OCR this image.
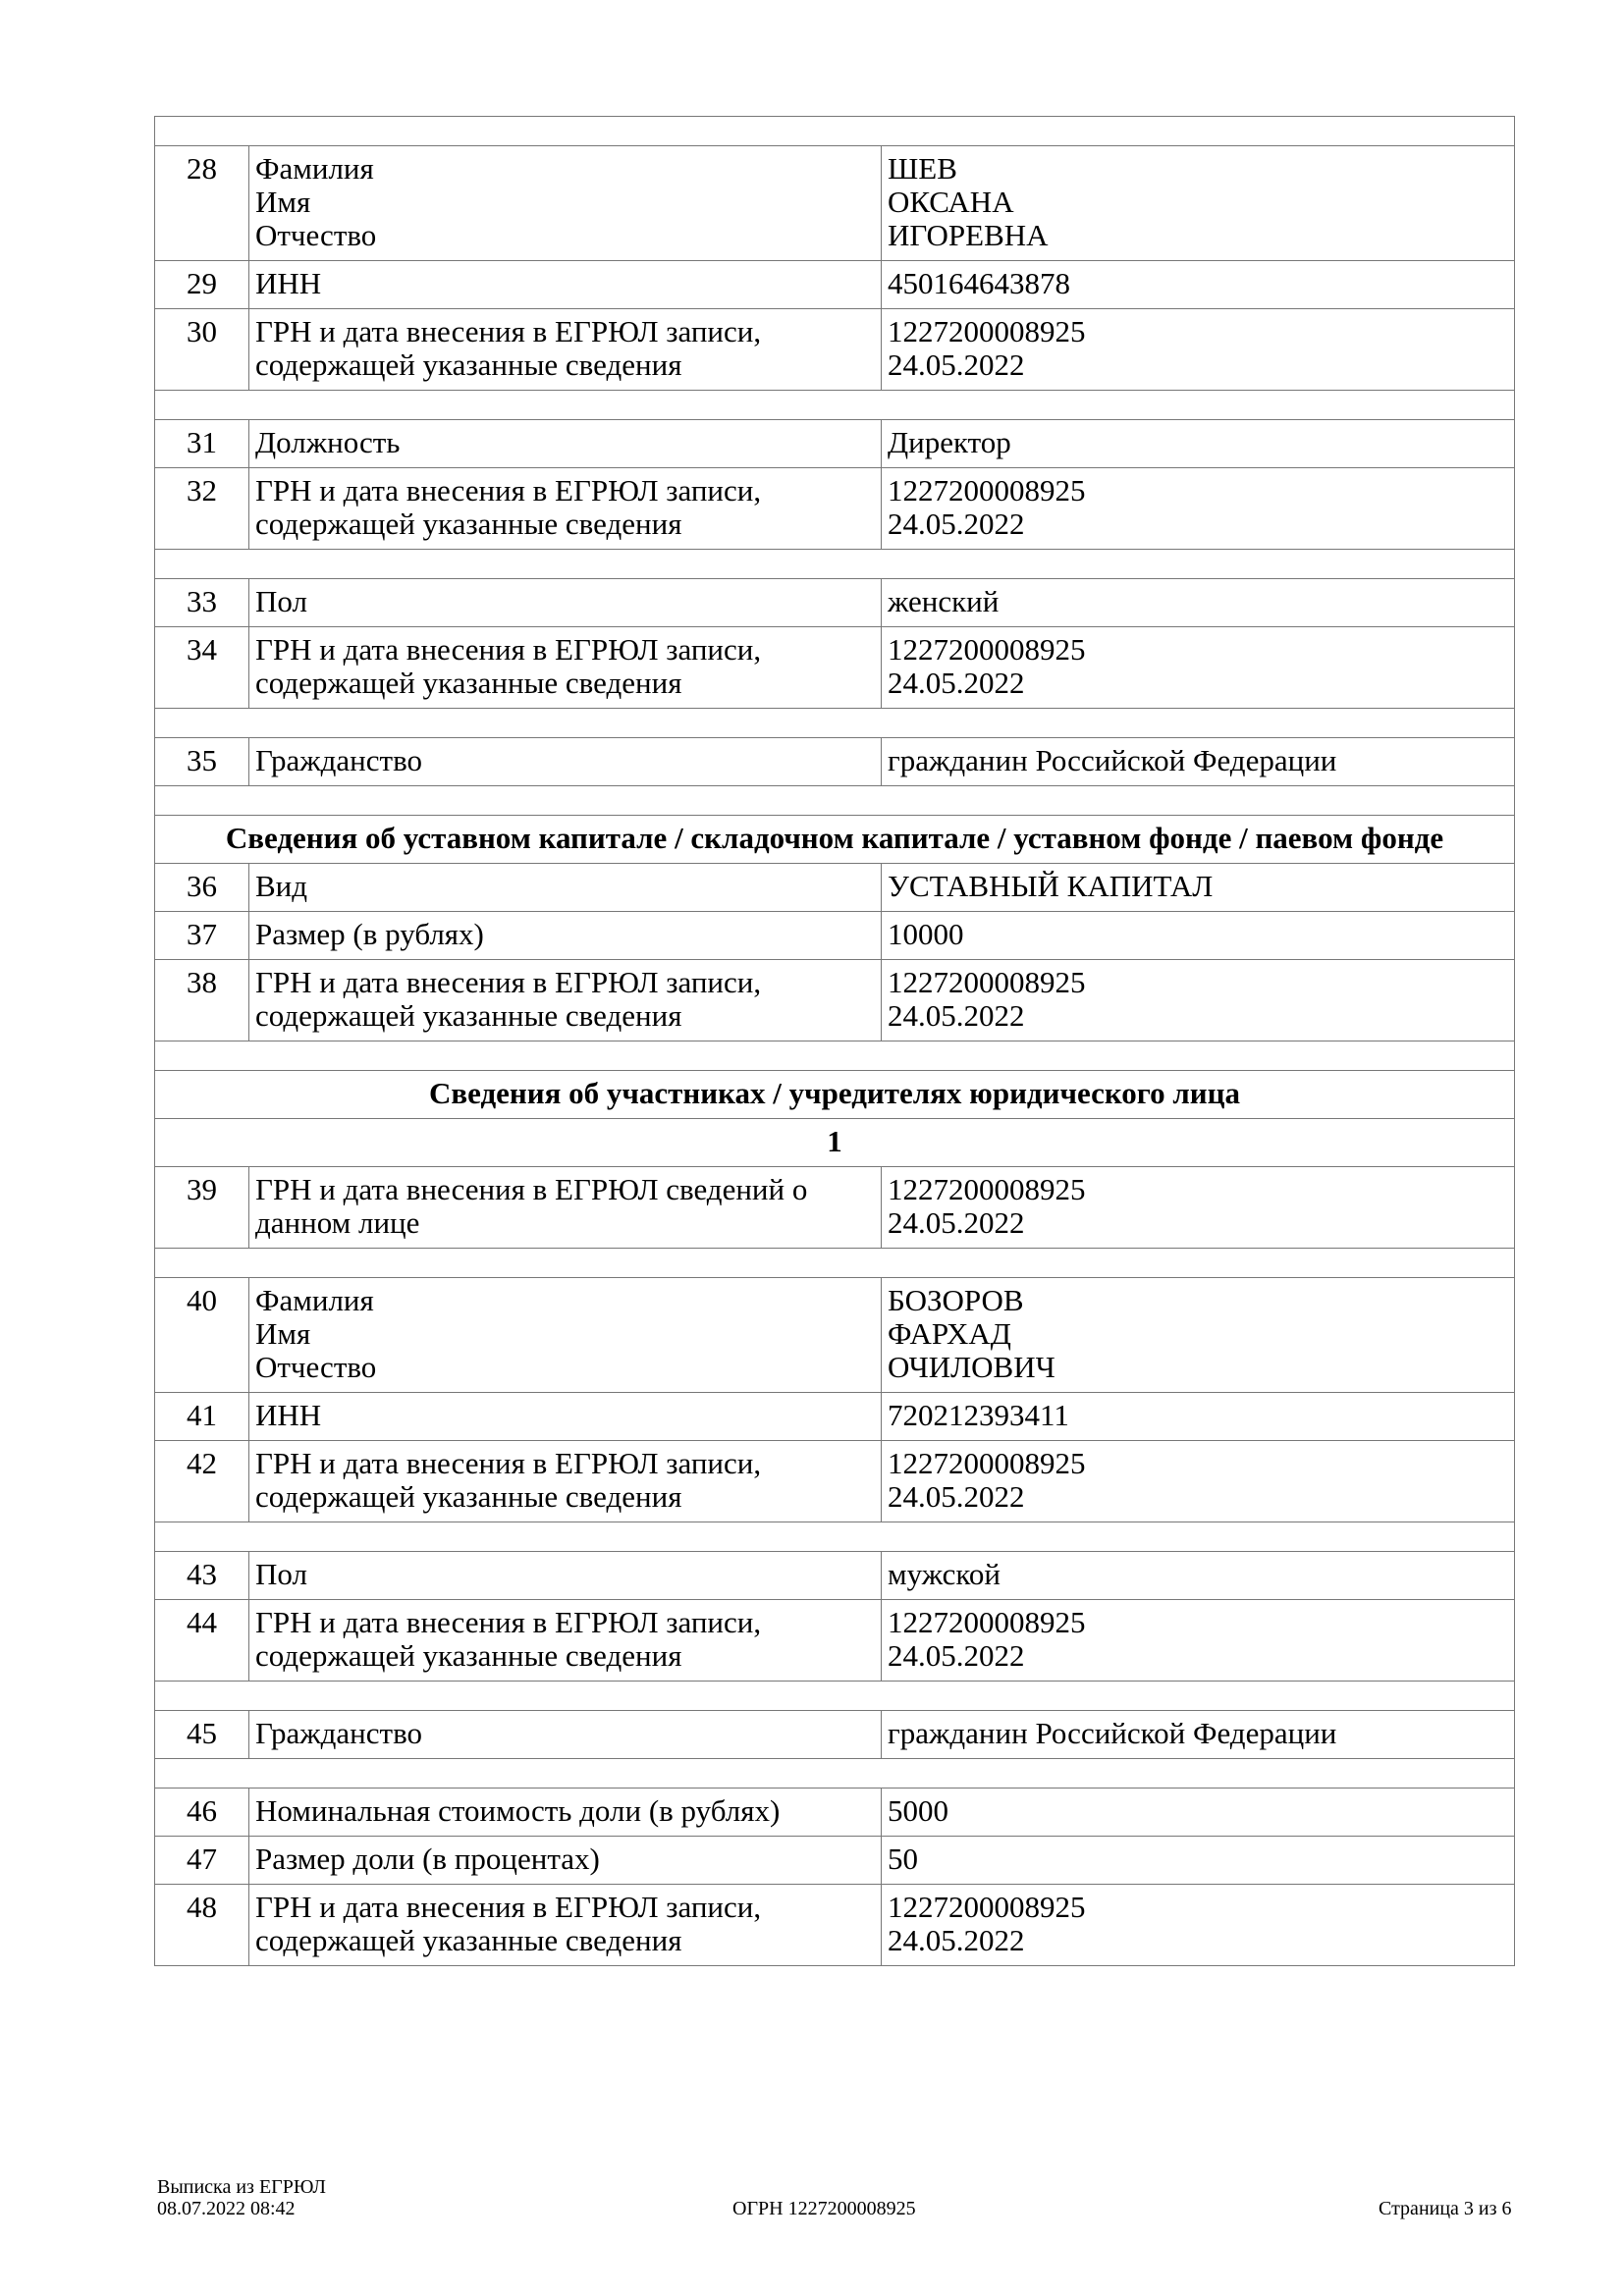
28	Фамилия
Имя
Отчество	ШЕВ
ОКСАНА
ИГОРЕВНА

29	ИНН	450164643878

30	ГРН и дата внесения в ЕГРЮЛ записи,
содержащей указанные сведения	1227200008925
24.05.2022

31	Должность	Директор

32	ГРН и дата внесения в ЕГРЮЛ записи,
содержащей указанные сведения	1227200008925
24.05.2022

33	Пол	женский

34	ГРН и дата внесения в ЕГРЮЛ записи,
содержащей указанные сведения	1227200008925
24.05.2022

35	Гражданство	гражданин Российской Федерации

Сведения об уставном капитале / складочном капитале / уставном фонде / паевом фонде		
36	Вид	УСТАВНЫЙ КАПИТАЛ

37	Размер (в рублях)	10000

38	ГРН и дата внесения в ЕГРЮЛ записи,
содержащей указанные сведения	1227200008925
24.05.2022

Сведения об участниках / учредителях юридического лица		
1		
39	ГРН и дата внесения в ЕГРЮЛ сведений о
данном лице	1227200008925
24.05.2022

40	Фамилия
Имя
Отчество	БОЗОРОВ
ФАРХАД
ОЧИЛОВИЧ

41	ИНН	720212393411

42	ГРН и дата внесения в ЕГРЮЛ записи,
содержащей указанные сведения	1227200008925
24.05.2022

43	Пол	мужской

44	ГРН и дата внесения в ЕГРЮЛ записи,
содержащей указанные сведения	1227200008925
24.05.2022

45	Гражданство	гражданин Российской Федерации

46	Номинальная стоимость доли (в рублях)	5000

47	Размер доли (в процентах)	50

48	ГРН и дата внесения в ЕГРЮЛ записи,
содержащей указанные сведения	1227200008925
24.05.2022
Выписка из ЕГРЮЛ
08.07.2022 08:42	ОГРН 1227200008925	Страница 3 из 6
